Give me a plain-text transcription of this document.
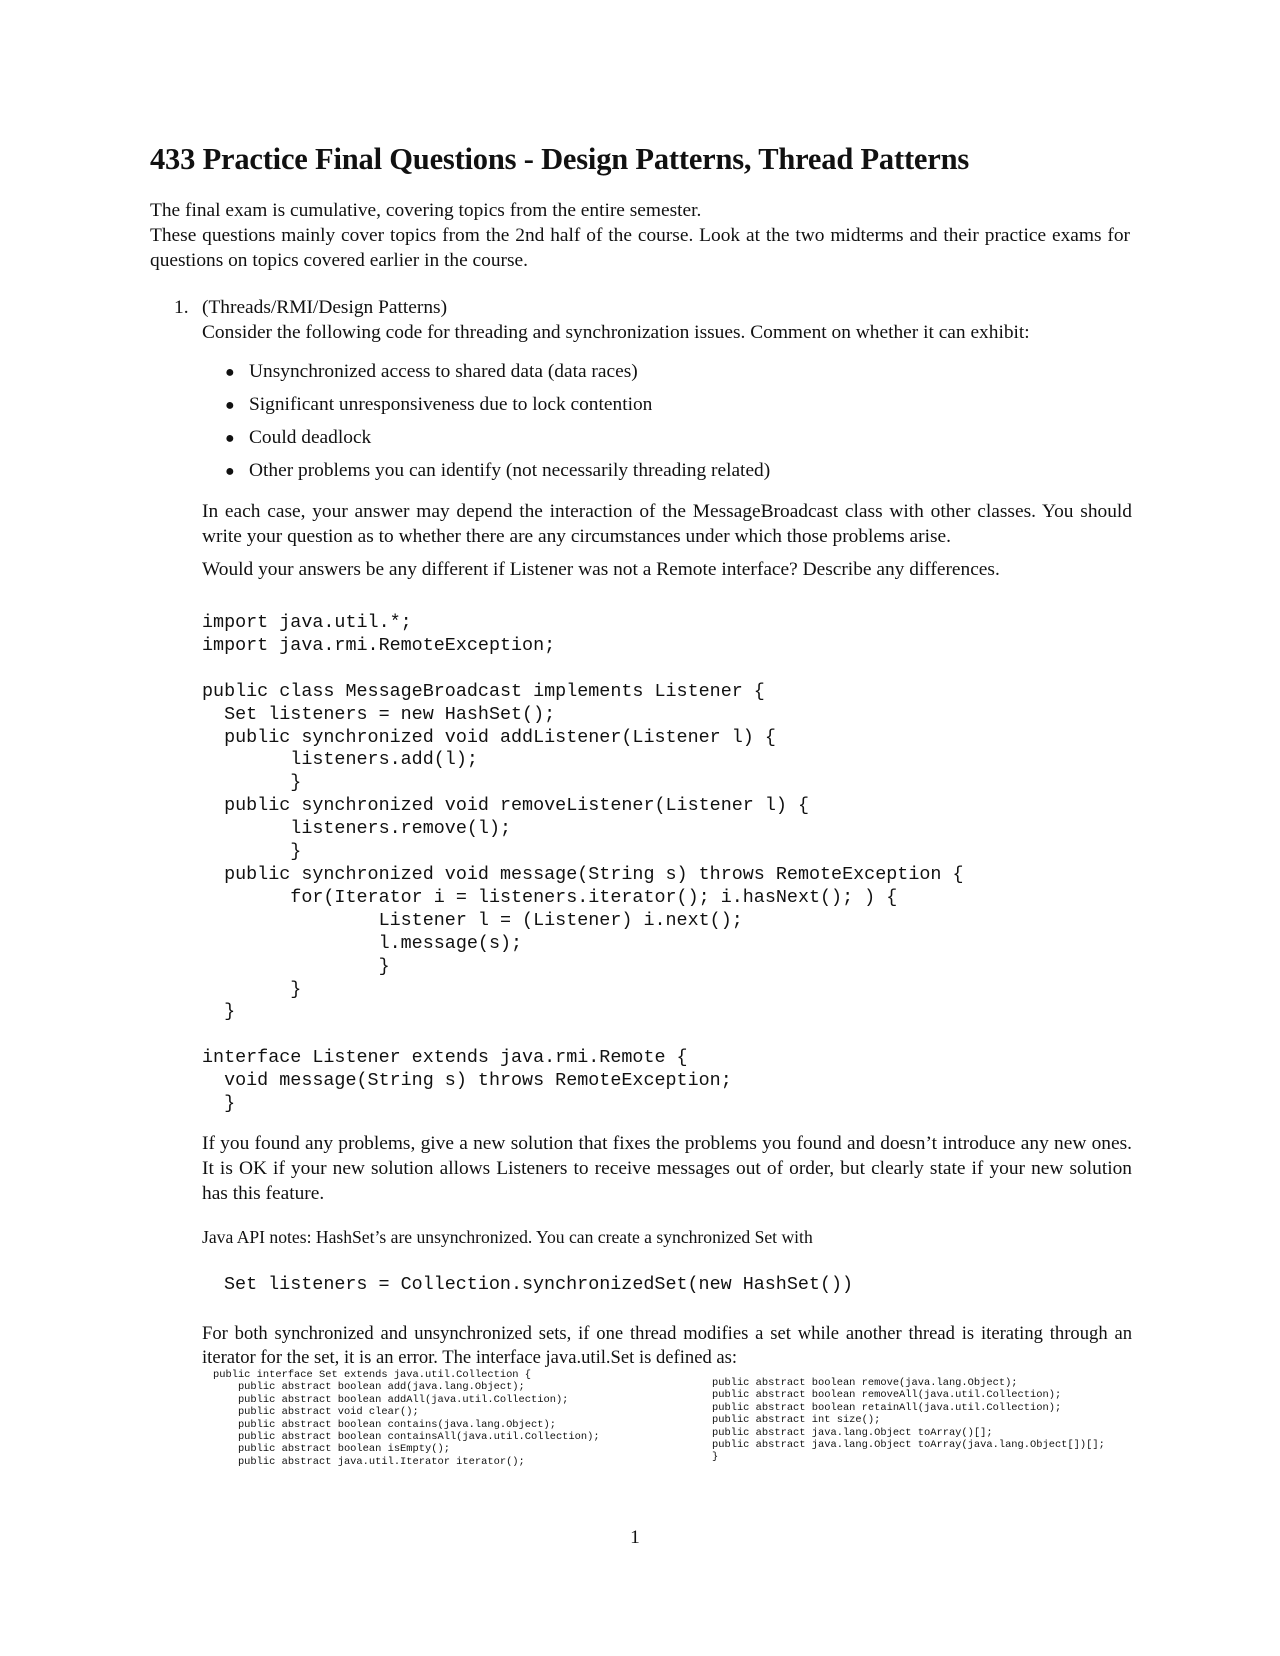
433 Practice Final Questions - Design Patterns, Thread Patterns

The final exam is cumulative, covering topics from the entire semester.

These questions mainly cover topics from the 2nd half of the course. Look at the two midterms and their practice exams for questions on topics covered earlier in the course.

1. (Threads/RMI/Design Patterns)

Consider the following code for threading and synchronization issues. Comment on whether it can exhibit:

● Unsynchronized access to shared data (data races)
● Significant unresponsiveness due to lock contention
● Could deadlock
● Other problems you can identify (not necessarily threading related)

In each case, your answer may depend the interaction of the MessageBroadcast class with other classes. You should write your question as to whether there are any circumstances under which those problems arise.

Would your answers be any different if Listener was not a Remote interface? Describe any differences.

import java.util.*;
import java.rmi.RemoteException;

public class MessageBroadcast implements Listener {
Set listeners = new HashSet();
public synchronized void addListener(Listener l) {
listeners.add(l);
}
public synchronized void removeListener(Listener l) {
listeners.remove(l);
}
public synchronized void message(String s) throws RemoteException {
for(Iterator i = listeners.iterator(); i.hasNext(); ) {
Listener l = (Listener) i.next();
l.message(s);
}
}
}

interface Listener extends java.rmi.Remote {
void message(String s) throws RemoteException;
}

If you found any problems, give a new solution that fixes the problems you found and doesn’t introduce any new ones. It is OK if your new solution allows Listeners to receive messages out of order, but clearly state if your new solution has this feature.

Java API notes: HashSet’s are unsynchronized. You can create a synchronized Set with
Set listeners = Collection.synchronizedSet(new HashSet())

For both synchronized and unsynchronized sets, if one thread modifies a set while another thread is iterating through an iterator for the set, it is an error. The interface java.util.Set is defined as:

public interface Set extends java.util.Collection {
public abstract boolean add(java.lang.Object);
public abstract boolean addAll(java.util.Collection);
public abstract void clear();
public abstract boolean contains(java.lang.Object);
public abstract boolean containsAll(java.util.Collection);
public abstract boolean isEmpty();
public abstract java.util.Iterator iterator();
public abstract boolean remove(java.lang.Object);
public abstract boolean removeAll(java.util.Collection);
public abstract boolean retainAll(java.util.Collection);
public abstract int size();
public abstract java.lang.Object toArray()[];
public abstract java.lang.Object toArray(java.lang.Object[])[];
}
1
